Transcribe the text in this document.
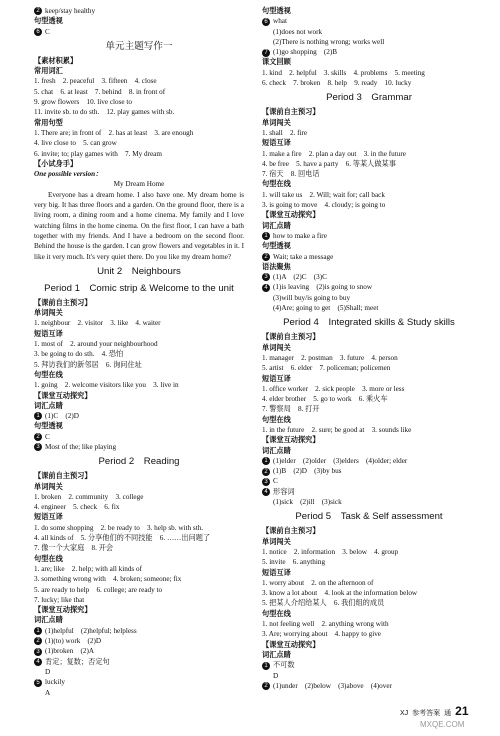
2 keep/stay healthy
句型透视
6 C
单元主题写作一
【素材积累】
常用词汇
1. fresh　2. peaceful　3. fifteen　4. close
5. chat　6. at least　7. behind　8. in front of
9. grow flowers　10. live close to
11. invite sb. to do sth.　12. play games with sb.
常用句型
1. There are; in front of　2. has at least　3. are enough
4. live close to　5. can grow
6. invite; to; play games with　7. My dream
【小试身手】
One possible version：
My Dream Home
Everyone has a dream home. I also have one. My dream home is very big. It has three floors and a garden. On the ground floor, there is a living room, a dining room and a home cinema. My family and I love watching films in the home cinema. On the first floor, I can have a bath together with my friends. And I have a bedroom on the second floor. Behind the house is the garden. I can grow flowers and vegetables in it. I like it very much. It's very quiet there. Do you like my dream home?
Unit 2　Neighbours
Period 1　Comic strip & Welcome to the unit
【课前自主预习】
单词闯关
1. neighbour　2. visitor　3. like　4. waiter
短语互译
1. most of　2. around your neighbourhood
3. be going to do sth.　4. 恐怕
5. 拜访我们的新邻居　6. 询问住址
句型在线
1. going　2. welcome visitors like you　3. live in
【课堂互动探究】
词汇点睛
1 (1)C　(2)D
句型透视
2 C
3 Most of the; like playing
Period 2　Reading
【课前自主预习】
单词闯关
1. broken　2. community　3. college
4. engineer　5. check　6. fix
短语互译
1. do some shopping　2. be ready to　3. help sb. with sth.
4. all kinds of　5. 分享他们的不同技能　6. ……出问题了
7. 像一个大家庭　8. 开会
句型在线
1. are; like　2. help; with all kinds of
3. something wrong with　4. broken; someone; fix
5. are ready to help　6. college; are ready to
7. lucky; like that
【课堂互动探究】
词汇点睛
1 (1)helpful　(2)helpful; helpless
2 (1)(to) work　(2)D
3 (1)broken　(2)A
4 肯定；复数；否定句
D
5 luckily
A
句型透视
6 what
(1)does not work
(2)There is nothing wrong; works well
7 (1)go shopping　(2)B
课文回顾
1. kind　2. helpful　3. skills　4. problems　5. meeting
6. check　7. broken　8. help　9. ready　10. lucky
Period 3　Grammar
【课前自主预习】
单词闯关
1. shall　2. fire
短语互译
1. make a fire　2. plan a day out　3. in the future
4. be free　5. have a party　6. 等某人做某事
7. 宿天　8. 回电话
句型在线
1. will take us　2. Will; wait for; call back
3. is going to move　4. cloudy; is going to
【课堂互动探究】
词汇点睛
1 how to make a fire
句型透视
2 Wait; take a message
语法聚焦
3 (1)A　(2)C　(3)C
4 (1)is leaving　(2)is going to snow
(3)will buy/is going to buy
(4)Are; going to get　(5)Shall; meet
Period 4　Integrated skills & Study skills
【课前自主预习】
单词闯关
1. manager　2. postman　3. future　4. person
5. artist　6. elder　7. policeman; policemen
短语互译
1. office worker　2. sick people　3. more or less
4. elder brother　5. go to work　6. 乘火车
7. 警察局　8. 打开
句型在线
1. in the future　2. sure; be good at　3. sounds like
【课堂互动探究】
词汇点睛
1 (1)elder　(2)older　(3)elders　(4)older; elder
2 (1)B　(2)D　(3)by bus
3 C
4 形容词
(1)sick　(2)ill　(3)sick
Period 5　Task & Self assessment
【课前自主预习】
单词闯关
1. notice　2. information　3. below　4. group
5. invite　6. anything
短语互译
1. worry about　2. on the afternoon of
3. know a lot about　4. look at the information below
5. 把某人介绍给某人　6. 我们组的成员
句型在线
1. not feeling well　2. anything wrong with
3. Are; worrying about　4. happy to give
【课堂互动探究】
词汇点睛
1 不可数
D
2 (1)under　(2)below　(3)above　(4)over
XJ 参考答案 通 21
MXQE.COM
